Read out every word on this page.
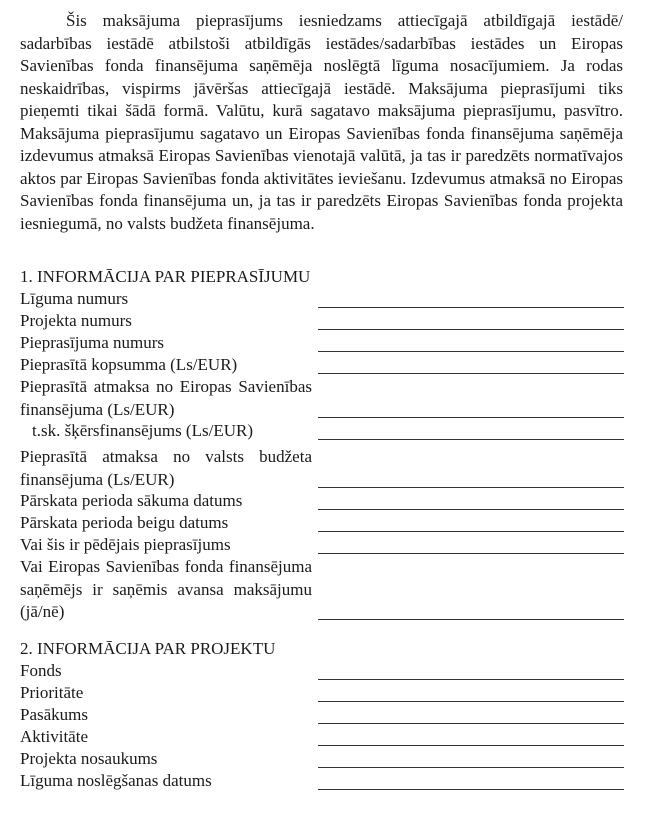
Šis maksājuma pieprasījums iesniedzams attiecīgajā atbildīgajā iestādē/ sadarbības iestādē atbilstoši atbildīgās iestādes/sadarbības iestādes un Eiropas Savienības fonda finansējuma saņēmēja noslēgtā līguma nosacījumiem. Ja rodas neskaidrības, vispirms jāvēršas attiecīgajā iestādē. Maksājuma pieprasījumi tiks pieņemti tikai šādā formā. Valūtu, kurā sagatavo maksājuma pieprasījumu, pasvītro. Maksājuma pieprasījumu sagatavo un Eiropas Savienības fonda finansējuma saņēmēja izdevumus atmaksā Eiropas Savienības vienotajā valūtā, ja tas ir paredzēts normatīvajos aktos par Eiropas Savienības fonda aktivitātes ieviešanu. Izdevumus atmaksā no Eiropas Savienības fonda finansējuma un, ja tas ir paredzēts Eiropas Savienības fonda projekta iesniegumā, no valsts budžeta finansējuma.

1. INFORMĀCIJA PAR PIEPRASĪJUMU
Līguma numurs
Projekta numurs
Pieprasījuma numurs
Pieprasītā kopsumma (Ls/EUR)
Pieprasītā atmaksa no Eiropas Savienības finansējuma (Ls/EUR)
t.sk. šķērsfinansējums (Ls/EUR)
Pieprasītā atmaksa no valsts budžeta finansējuma (Ls/EUR)
Pārskata perioda sākuma datums
Pārskata perioda beigu datums
Vai šis ir pēdējais pieprasījums
Vai Eiropas Savienības fonda finansējuma saņēmējs ir saņēmis avansa maksājumu (jā/nē)
2. INFORMĀCIJA PAR PROJEKTU
Fonds
Prioritāte
Pasākums
Aktivitāte
Projekta nosaukums
Līguma noslēgšanas datums
